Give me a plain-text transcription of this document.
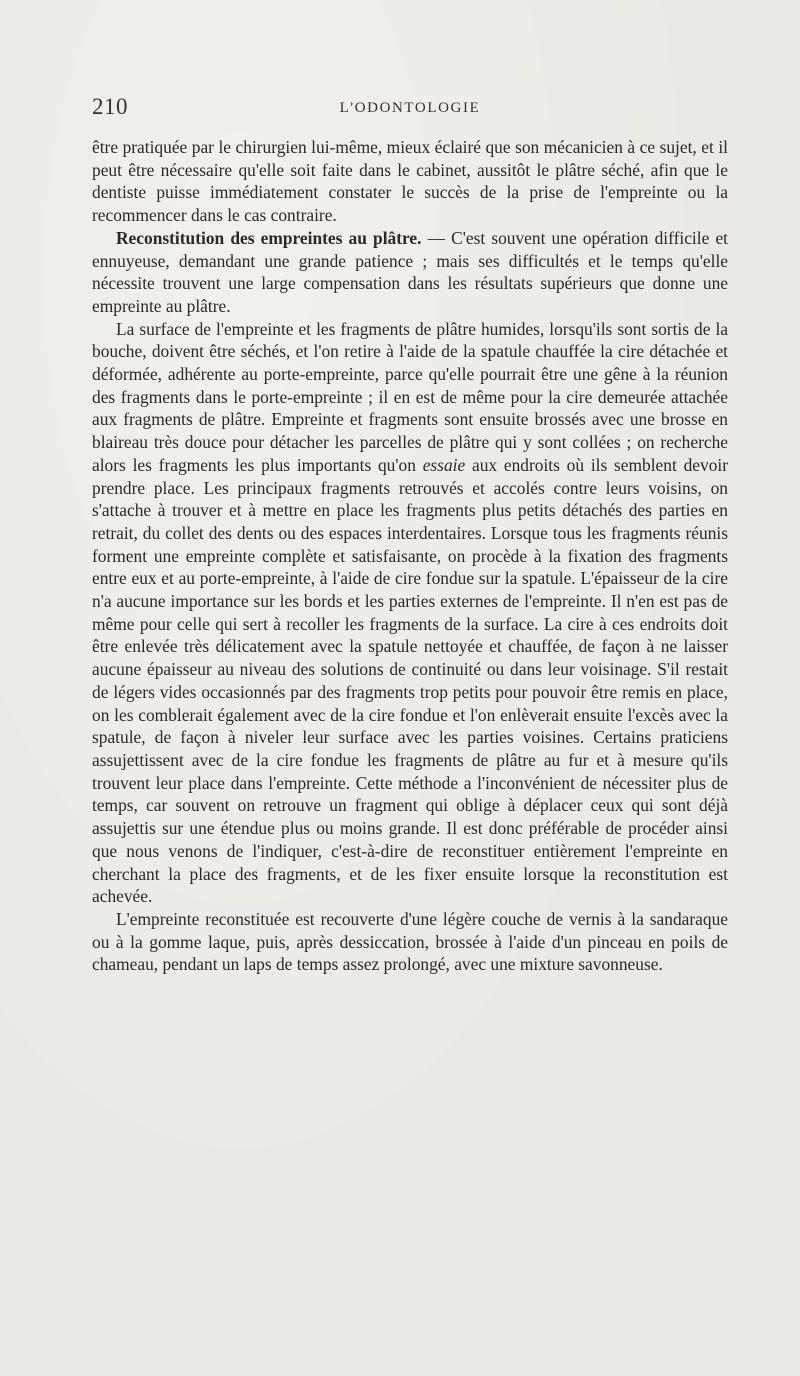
210	L'ODONTOLOGIE

être pratiquée par le chirurgien lui-même, mieux éclairé que son mécanicien à ce sujet, et il peut être nécessaire qu'elle soit faite dans le cabinet, aussitôt le plâtre séché, afin que le dentiste puisse immédiatement constater le succès de la prise de l'empreinte ou la recommencer dans le cas contraire.

Reconstitution des empreintes au plâtre. — C'est souvent une opération difficile et ennuyeuse, demandant une grande patience ; mais ses difficultés et le temps qu'elle nécessite trouvent une large compensation dans les résultats supérieurs que donne une empreinte au plâtre.

La surface de l'empreinte et les fragments de plâtre humides, lorsqu'ils sont sortis de la bouche, doivent être séchés, et l'on retire à l'aide de la spatule chauffée la cire détachée et déformée, adhérente au porte-empreinte, parce qu'elle pourrait être une gêne à la réunion des fragments dans le porte-empreinte ; il en est de même pour la cire demeurée attachée aux fragments de plâtre. Empreinte et fragments sont ensuite brossés avec une brosse en blaireau très douce pour détacher les parcelles de plâtre qui y sont collées ; on recherche alors les fragments les plus importants qu'on essaie aux endroits où ils semblent devoir prendre place. Les principaux fragments retrouvés et accolés contre leurs voisins, on s'attache à trouver et à mettre en place les fragments plus petits détachés des parties en retrait, du collet des dents ou des espaces interdentaires. Lorsque tous les fragments réunis forment une empreinte complète et satisfaisante, on procède à la fixation des fragments entre eux et au porte-empreinte, à l'aide de cire fondue sur la spatule. L'épaisseur de la cire n'a aucune importance sur les bords et les parties externes de l'empreinte. Il n'en est pas de même pour celle qui sert à recoller les fragments de la surface. La cire à ces endroits doit être enlevée très délicatement avec la spatule nettoyée et chauffée, de façon à ne laisser aucune épaisseur au niveau des solutions de continuité ou dans leur voisinage. S'il restait de légers vides occasionnés par des fragments trop petits pour pouvoir être remis en place, on les comblerait également avec de la cire fondue et l'on enlèverait ensuite l'excès avec la spatule, de façon à niveler leur surface avec les parties voisines. Certains praticiens assujettissent avec de la cire fondue les fragments de plâtre au fur et à mesure qu'ils trouvent leur place dans l'empreinte. Cette méthode a l'inconvénient de nécessiter plus de temps, car souvent on retrouve un fragment qui oblige à déplacer ceux qui sont déjà assujettis sur une étendue plus ou moins grande. Il est donc préférable de procéder ainsi que nous venons de l'indiquer, c'est-à-dire de reconstituer entièrement l'empreinte en cherchant la place des fragments, et de les fixer ensuite lorsque la reconstitution est achevée.

L'empreinte reconstituée est recouverte d'une légère couche de vernis à la sandaraque ou à la gomme laque, puis, après dessiccation, brossée à l'aide d'un pinceau en poils de chameau, pendant un laps de temps assez prolongé, avec une mixture savonneuse.
